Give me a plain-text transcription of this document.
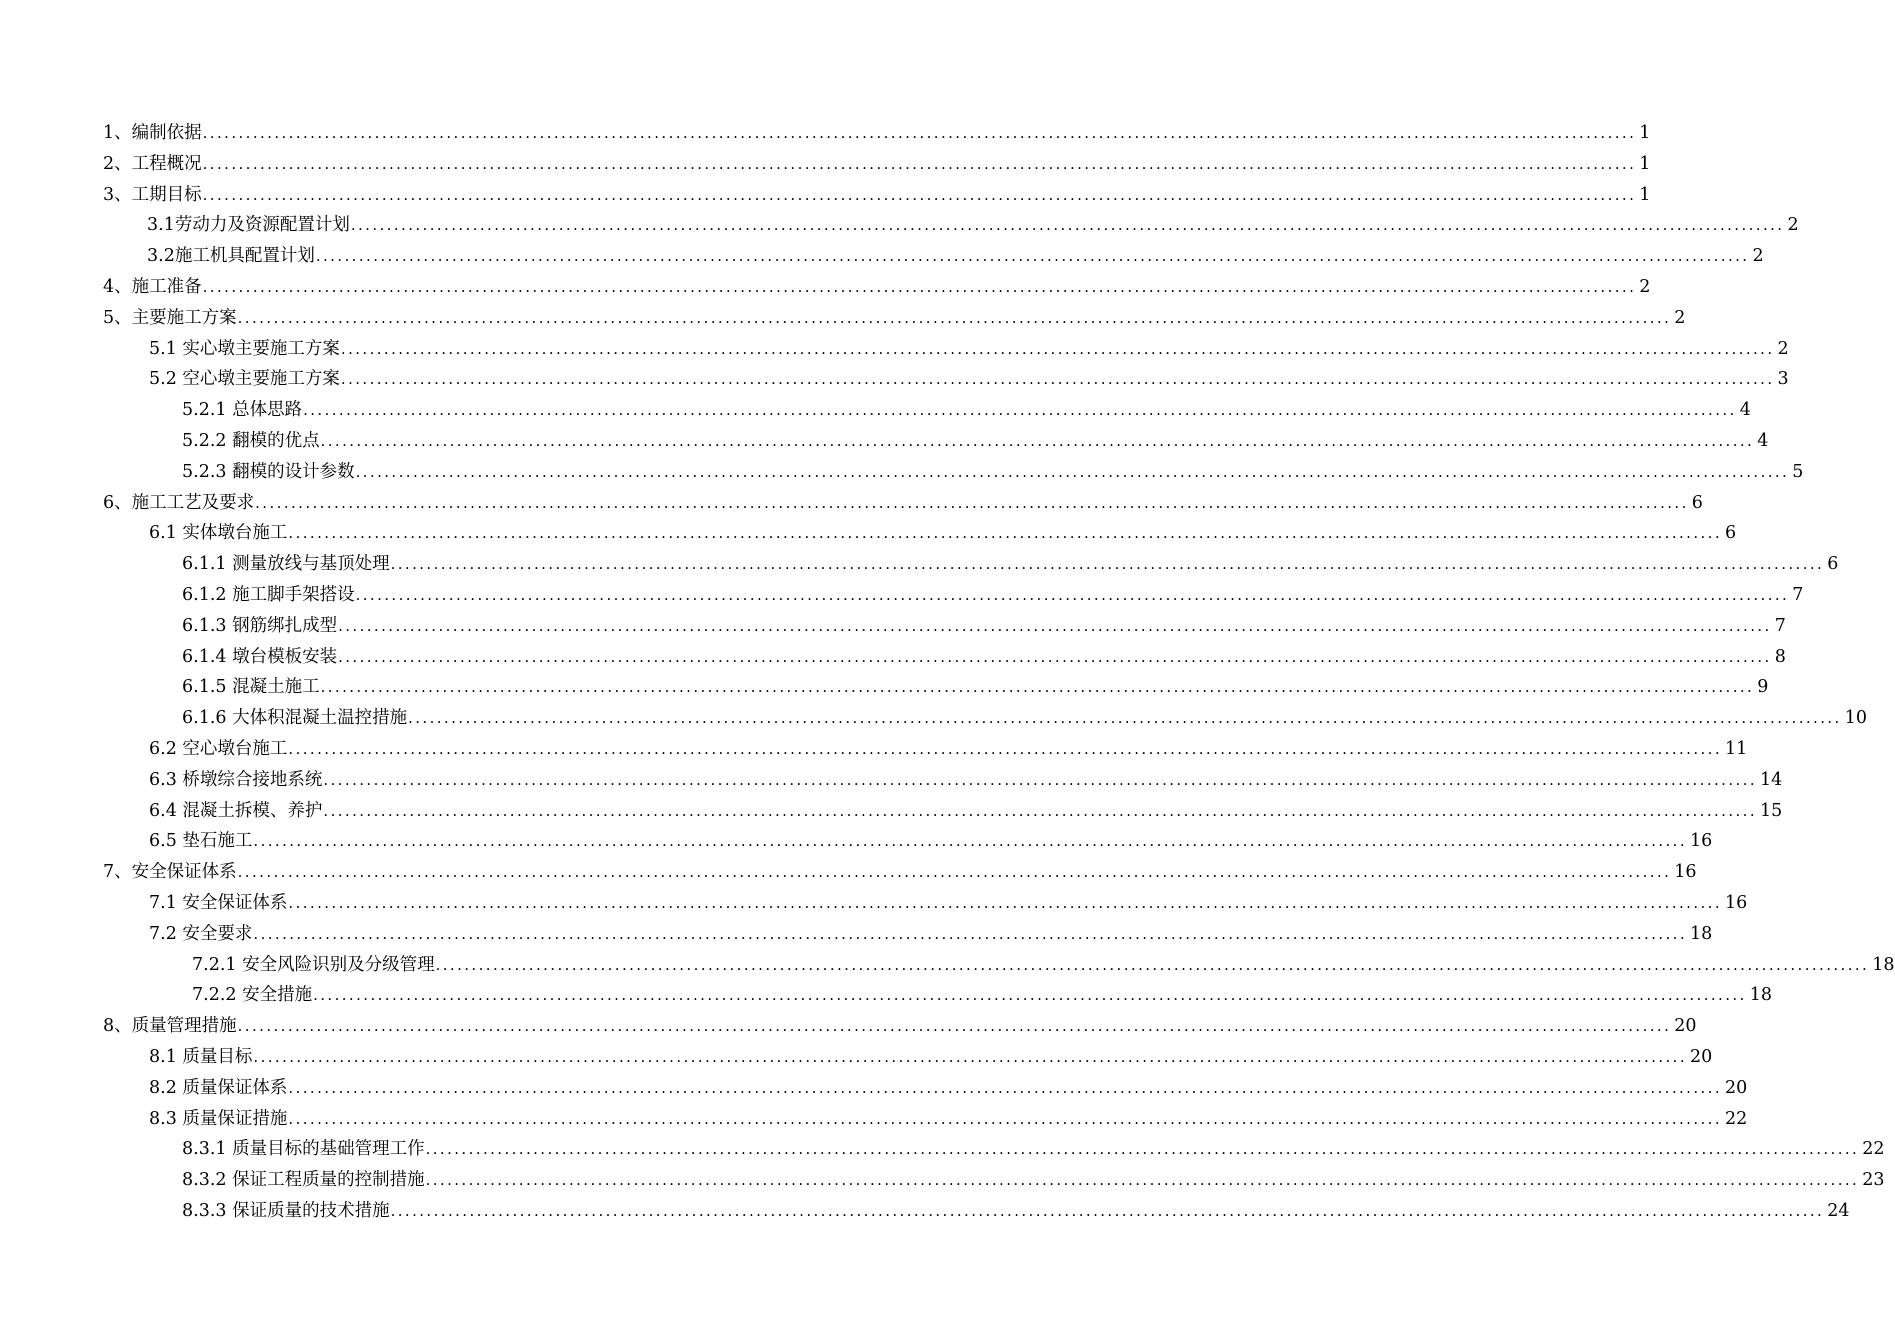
1、编制依据 ........................................................................................................................................................................................................ 1
2、工程概况 ........................................................................................................................................................................................................ 1
3、工期目标 ........................................................................................................................................................................................................ 1
3.1劳动力及资源配置计划 ........................................................................................................................................................................................................ 2
3.2施工机具配置计划 ........................................................................................................................................................................................................ 2
4、施工准备 ........................................................................................................................................................................................................ 2
5、主要施工方案 ........................................................................................................................................................................................................ 2
5.1 实心墩主要施工方案 ........................................................................................................................................................................................................ 2
5.2 空心墩主要施工方案 ........................................................................................................................................................................................................ 3
5.2.1 总体思路 ........................................................................................................................................................................................................ 4
5.2.2 翻模的优点 ........................................................................................................................................................................................................ 4
5.2.3 翻模的设计参数 ........................................................................................................................................................................................................ 5
6、施工工艺及要求 ........................................................................................................................................................................................................ 6
6.1 实体墩台施工 ........................................................................................................................................................................................................ 6
6.1.1 测量放线与基顶处理 ........................................................................................................................................................................................................ 6
6.1.2 施工脚手架搭设 ........................................................................................................................................................................................................ 7
6.1.3 钢筋绑扎成型 ........................................................................................................................................................................................................ 7
6.1.4 墩台模板安装 ........................................................................................................................................................................................................ 8
6.1.5 混凝土施工 ........................................................................................................................................................................................................ 9
6.1.6 大体积混凝土温控措施 ........................................................................................................................................................................................................ 10
6.2 空心墩台施工 ........................................................................................................................................................................................................ 11
6.3 桥墩综合接地系统 ........................................................................................................................................................................................................ 14
6.4 混凝土拆模、养护 ........................................................................................................................................................................................................ 15
6.5 垫石施工 ........................................................................................................................................................................................................ 16
7、安全保证体系 ........................................................................................................................................................................................................ 16
7.1 安全保证体系 ........................................................................................................................................................................................................ 16
7.2 安全要求 ........................................................................................................................................................................................................ 18
7.2.1 安全风险识别及分级管理 ........................................................................................................................................................................................................ 18
7.2.2 安全措施 ........................................................................................................................................................................................................ 18
8、质量管理措施 ........................................................................................................................................................................................................ 20
8.1 质量目标 ........................................................................................................................................................................................................ 20
8.2 质量保证体系 ........................................................................................................................................................................................................ 20
8.3 质量保证措施 ........................................................................................................................................................................................................ 22
8.3.1 质量目标的基础管理工作 ........................................................................................................................................................................................................ 22
8.3.2 保证工程质量的控制措施 ........................................................................................................................................................................................................ 23
8.3.3 保证质量的技术措施 ........................................................................................................................................................................................................ 24
